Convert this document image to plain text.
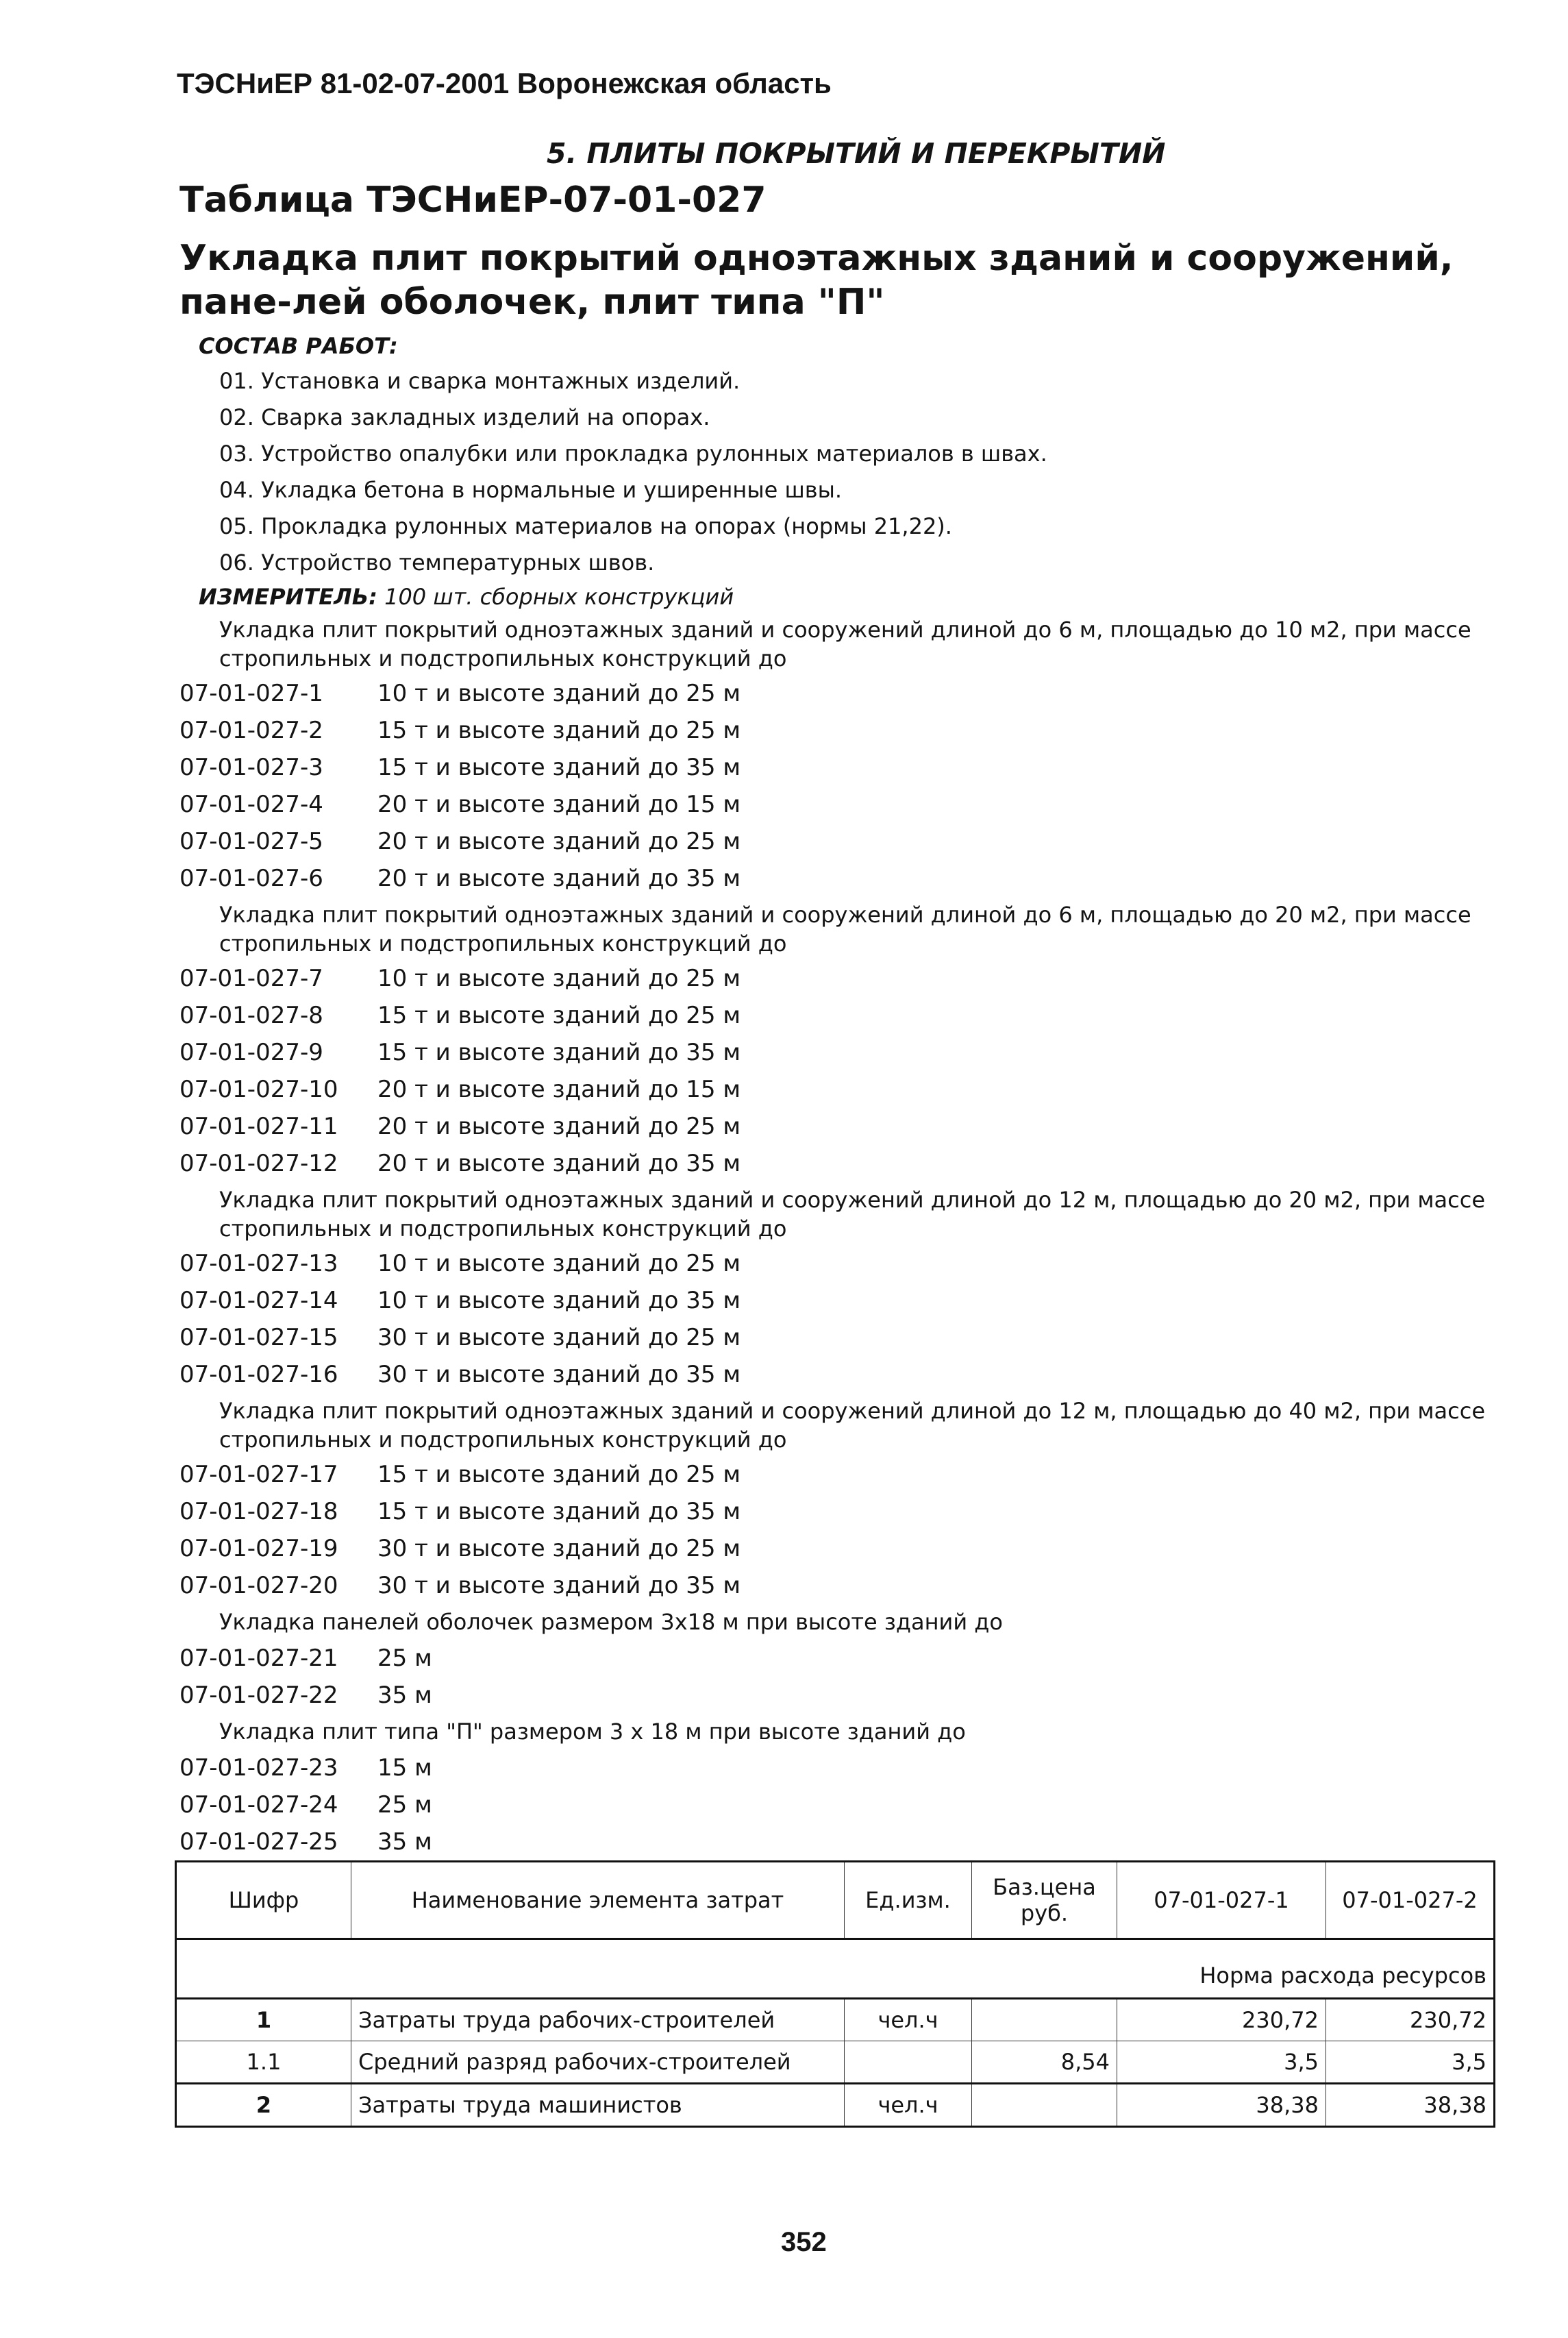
ТЭСНиЕР 81-02-07-2001 Воронежская область
5. ПЛИТЫ ПОКРЫТИЙ И ПЕРЕКРЫТИЙ
Таблица ТЭСНиЕР-07-01-027
Укладка плит покрытий одноэтажных зданий и сооружений, пане-лей оболочек, плит типа "П"
СОСТАВ РАБОТ:
01. Установка и сварка монтажных изделий.
02. Сварка закладных изделий на опорах.
03. Устройство опалубки или прокладка рулонных материалов в швах.
04. Укладка бетона в нормальные и уширенные швы.
05. Прокладка рулонных материалов на опорах (нормы 21,22).
06. Устройство температурных швов.
ИЗМЕРИТЕЛЬ: 100 шт. сборных конструкций
Укладка плит покрытий одноэтажных зданий и сооружений длиной до 6 м, площадью до 10 м2, при массе стропильных и подстропильных конструкций до
07-01-027-1 10 т и высоте зданий до 25 м
07-01-027-2 15 т и высоте зданий до 25 м
07-01-027-3 15 т и высоте зданий до 35 м
07-01-027-4 20 т и высоте зданий до 15 м
07-01-027-5 20 т и высоте зданий до 25 м
07-01-027-6 20 т и высоте зданий до 35 м
Укладка плит покрытий одноэтажных зданий и сооружений длиной до 6 м, площадью до 20 м2, при массе стропильных и подстропильных конструкций до
07-01-027-7 10 т и высоте зданий до 25 м
07-01-027-8 15 т и высоте зданий до 25 м
07-01-027-9 15 т и высоте зданий до 35 м
07-01-027-10 20 т и высоте зданий до 15 м
07-01-027-11 20 т и высоте зданий до 25 м
07-01-027-12 20 т и высоте зданий до 35 м
Укладка плит покрытий одноэтажных зданий и сооружений длиной до 12 м, площадью до 20 м2, при массе стропильных и подстропильных конструкций до
07-01-027-13 10 т и высоте зданий до 25 м
07-01-027-14 10 т и высоте зданий до 35 м
07-01-027-15 30 т и высоте зданий до 25 м
07-01-027-16 30 т и высоте зданий до 35 м
Укладка плит покрытий одноэтажных зданий и сооружений длиной до 12 м, площадью до 40 м2, при массе стропильных и подстропильных конструкций до
07-01-027-17 15 т и высоте зданий до 25 м
07-01-027-18 15 т и высоте зданий до 35 м
07-01-027-19 30 т и высоте зданий до 25 м
07-01-027-20 30 т и высоте зданий до 35 м
Укладка панелей оболочек размером 3х18 м при высоте зданий до
07-01-027-21 25 м
07-01-027-22 35 м
Укладка плит типа "П" размером 3 х 18 м при высоте зданий до
07-01-027-23 15 м
07-01-027-24 25 м
07-01-027-25 35 м
Шифр	Наименование элемента затрат	Ед.изм.	Баз.цена руб.	07-01-027-1	07-01-027-2
Норма расхода ресурсов					
1	Затраты труда рабочих-строителей	чел.ч		230,72	230,72
1.1	Средний разряд рабочих-строителей		8,54	3,5	3,5
2	Затраты труда машинистов	чел.ч		38,38	38,38
352
